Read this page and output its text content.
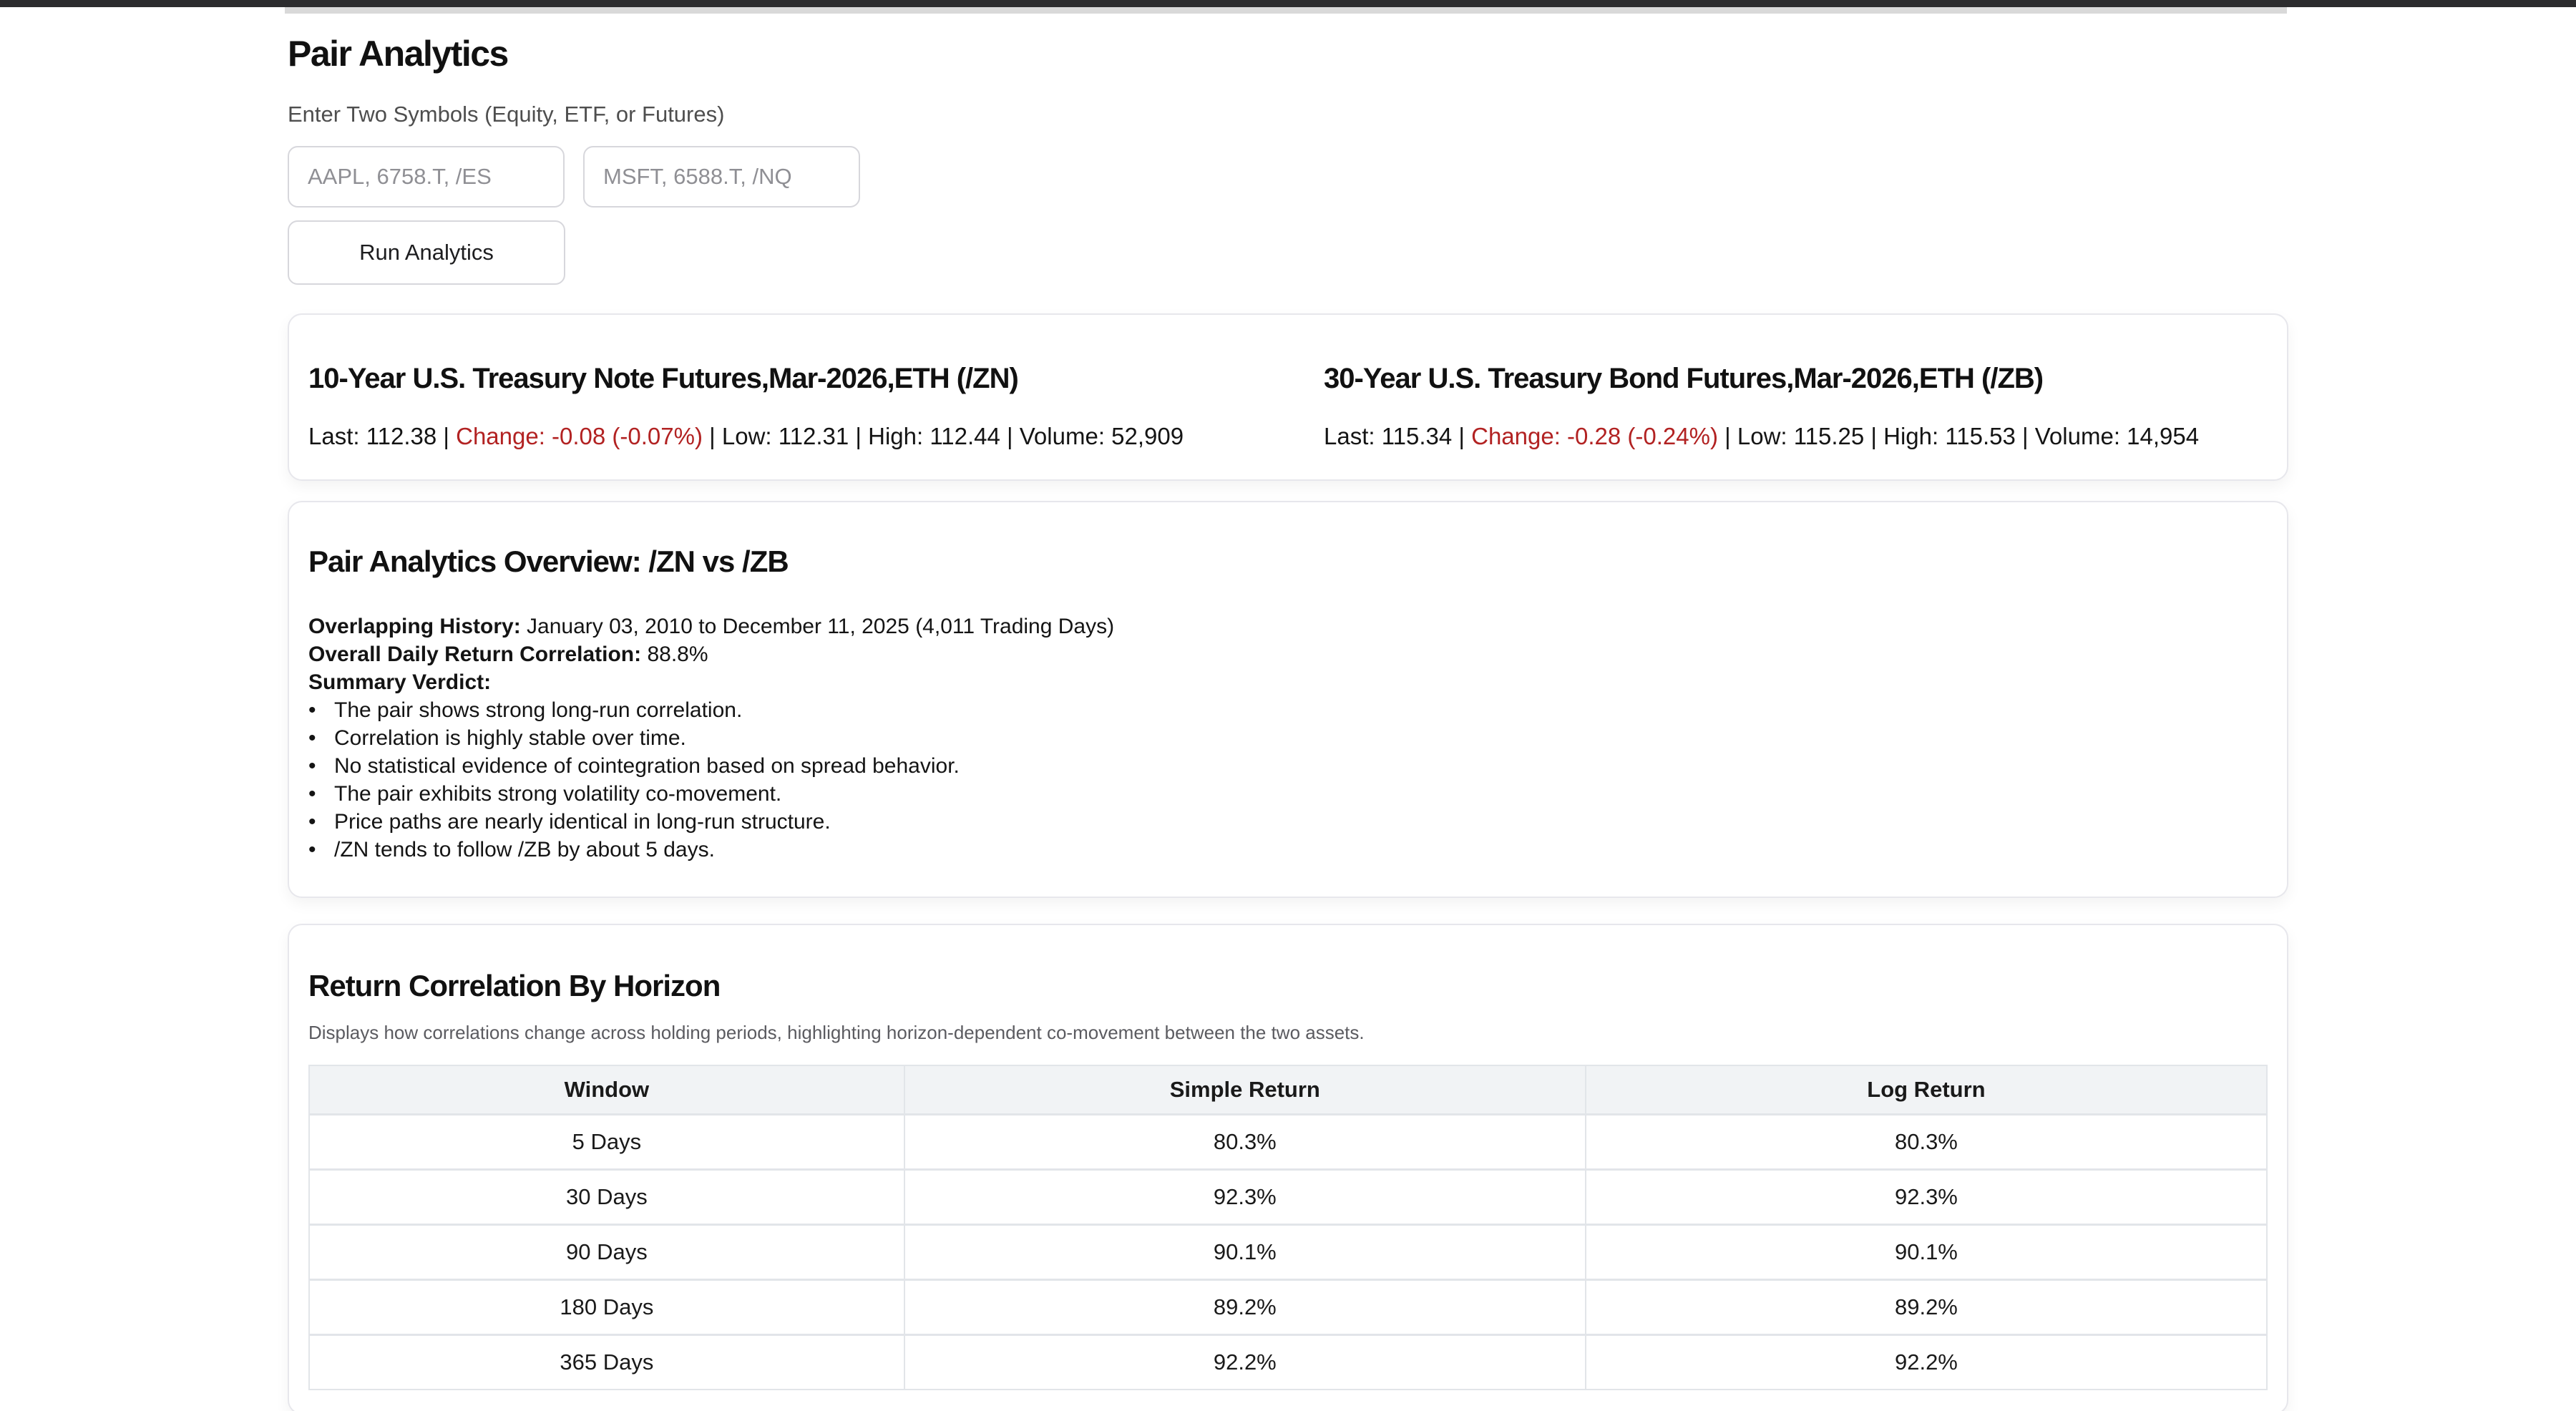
Pair Analytics
Enter Two Symbols (Equity, ETF, or Futures)
AAPL, 6758.T, /ES
MSFT, 6588.T, /NQ
Run Analytics
10-Year U.S. Treasury Note Futures,Mar-2026,ETH (/ZN)

Last: 112.38 | Change: -0.08 (-0.07%) | Low: 112.31 | High: 112.44 | Volume: 52,909

30-Year U.S. Treasury Bond Futures,Mar-2026,ETH (/ZB)

Last: 115.34 | Change: -0.28 (-0.24%) | Low: 115.25 | High: 115.53 | Volume: 14,954

Pair Analytics Overview: /ZN vs /ZB

Overlapping History: January 03, 2010 to December 11, 2025 (4,011 Trading Days)

Overall Daily Return Correlation: 88.8%

Summary Verdict:

• The pair shows strong long-run correlation.
• Correlation is highly stable over time.
• No statistical evidence of cointegration based on spread behavior.
• The pair exhibits strong volatility co-movement.
• Price paths are nearly identical in long-run structure.
• /ZN tends to follow /ZB by about 5 days.
Return Correlation By Horizon

Displays how correlations change across holding periods, highlighting horizon-dependent co-movement between the two assets.

Window	Simple Return	Log Return
5 Days	80.3%	80.3%
30 Days	92.3%	92.3%
90 Days	90.1%	90.1%
180 Days	89.2%	89.2%
365 Days	92.2%	92.2%
